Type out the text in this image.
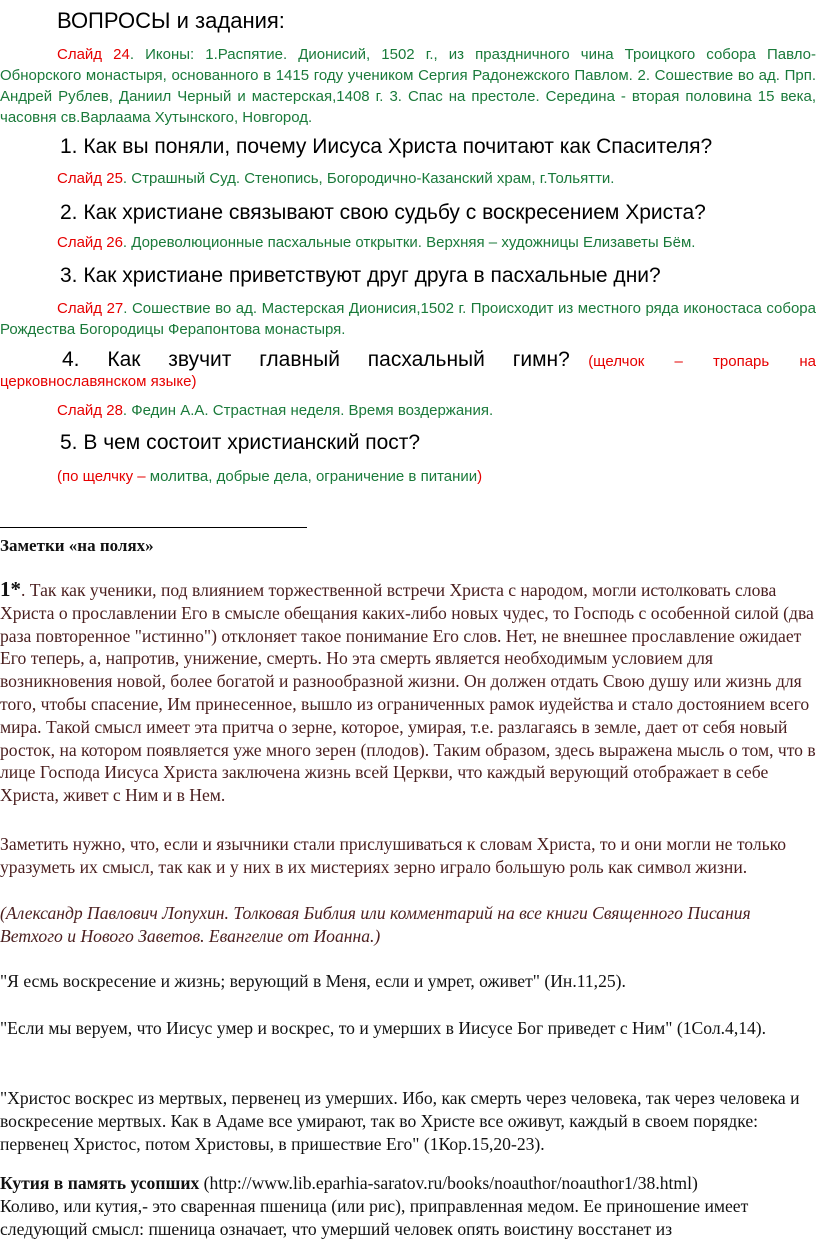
ВОПРОСЫ и задания:

Слайд 24. Иконы: 1.Распятие. Дионисий, 1502 г., из праздничного чина Троицкого собора Павло- Обнорского монастыря, основанного в 1415 году учеником Сергия Радонежского Павлом. 2. Сошествие во ад. Прп. Андрей Рублев, Даниил Черный и мастерская,1408 г. 3. Спас на престоле. Середина - вторая половина 15 века, часовня св.Варлаама Хутынского, Новгород.

1. Как вы поняли, почему Иисуса Христа почитают как Спасителя?

Слайд 25. Страшный Суд. Стенопись, Богородично-Казанский храм, г.Тольятти.

2. Как христиане связывают свою судьбу с воскресением Христа?

Слайд 26. Дореволюционные пасхальные открытки. Верхняя – художницы Елизаветы Бём.

3. Как христиане приветствуют друг друга в пасхальные дни?

Слайд 27. Сошествие во ад. Мастерская Дионисия,1502 г. Происходит из местного ряда иконостаса собора Рождества Богородицы Ферапонтова монастыря.

4. Как звучит главный пасхальный гимн? (щелчок – тропарь на
церковнославянском языке)

Слайд 28. Федин А.А. Страстная неделя. Время воздержания.

5. В чем состоит христианский пост?

(по щелчку – молитва, добрые дела, ограничение в питании)

Заметки «на полях»

1*. Так как ученики, под влиянием торжественной встречи Христа с народом, могли истолковать слова Христа о прославлении Его в смысле обещания каких-либо новых чудес, то Господь с особенной силой (два раза повторенное "истинно") отклоняет такое понимание Его слов. Нет, не внешнее прославление ожидает Его теперь, а, напротив, унижение, смерть. Но эта смерть является необходимым условием для возникновения новой, более богатой и разнообразной жизни. Он должен отдать Свою душу или жизнь для того, чтобы спасение, Им принесенное, вышло из ограниченных рамок иудейства и стало достоянием всего мира. Такой смысл имеет эта притча о зерне, которое, умирая, т.е. разлагаясь в земле, дает от себя новый росток, на котором появляется уже много зерен (плодов). Таким образом, здесь выражена мысль о том, что в лице Господа Иисуса Христа заключена жизнь всей Церкви, что каждый верующий отображает в себе Христа, живет с Ним и в Нем.

Заметить нужно, что, если и язычники стали прислушиваться к словам Христа, то и они могли не только уразуметь их смысл, так как и у них в их мистериях зерно играло большую роль как символ жизни.

(Александр Павлович Лопухин. Толковая Библия или комментарий на все книги Священного Писания Ветхого и Нового Заветов. Евангелие от Иоанна.)

"Я есмь воскресение и жизнь; верующий в Меня, если и умрет, оживет" (Ин.11,25).

"Если мы веруем, что Иисус умер и воскрес, то и умерших в Иисусе Бог приведет с Ним" (1Сол.4,14).

"Христос воскрес из мертвых, первенец из умерших. Ибо, как смерть через человека, так через человека и воскресение мертвых. Как в Адаме все умирают, так во Христе все оживут, каждый в своем порядке: первенец Христос, потом Христовы, в пришествие Его" (1Кор.15,20-23).

Кутия в память усопших (http://www.lib.eparhia-saratov.ru/books/noauthor/noauthor1/38.html)
Коливо, или кутия,- это сваренная пшеница (или рис), приправленная медом. Ее приношение имеет следующий смысл: пшеница означает, что умерший человек опять воистину восстанет из
